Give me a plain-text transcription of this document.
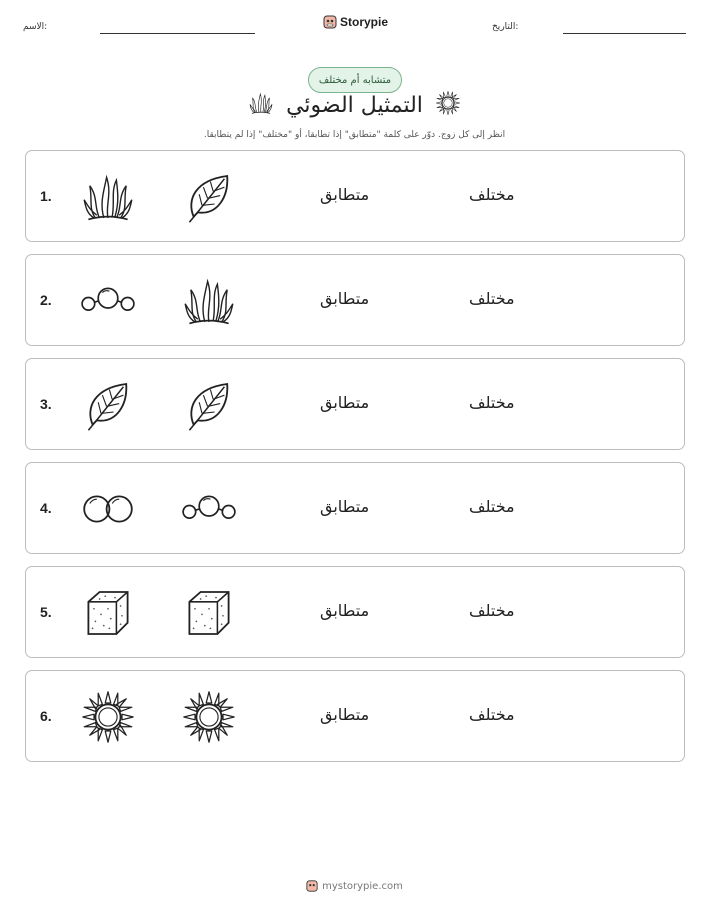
الاسم:	Storypie	التاريخ:
متشابه أم مختلف
التمثيل الضوئي
انظر إلى كل زوج. دوّر على كلمة "متطابق" إذا تطابقا، أو "مختلف" إذا لم يتطابقا.
1.	متطابق	مختلف
2.	متطابق	مختلف
3.	متطابق	مختلف
4.	متطابق	مختلف
5.	متطابق	مختلف
6.	متطابق	مختلف
mystorypie.com
